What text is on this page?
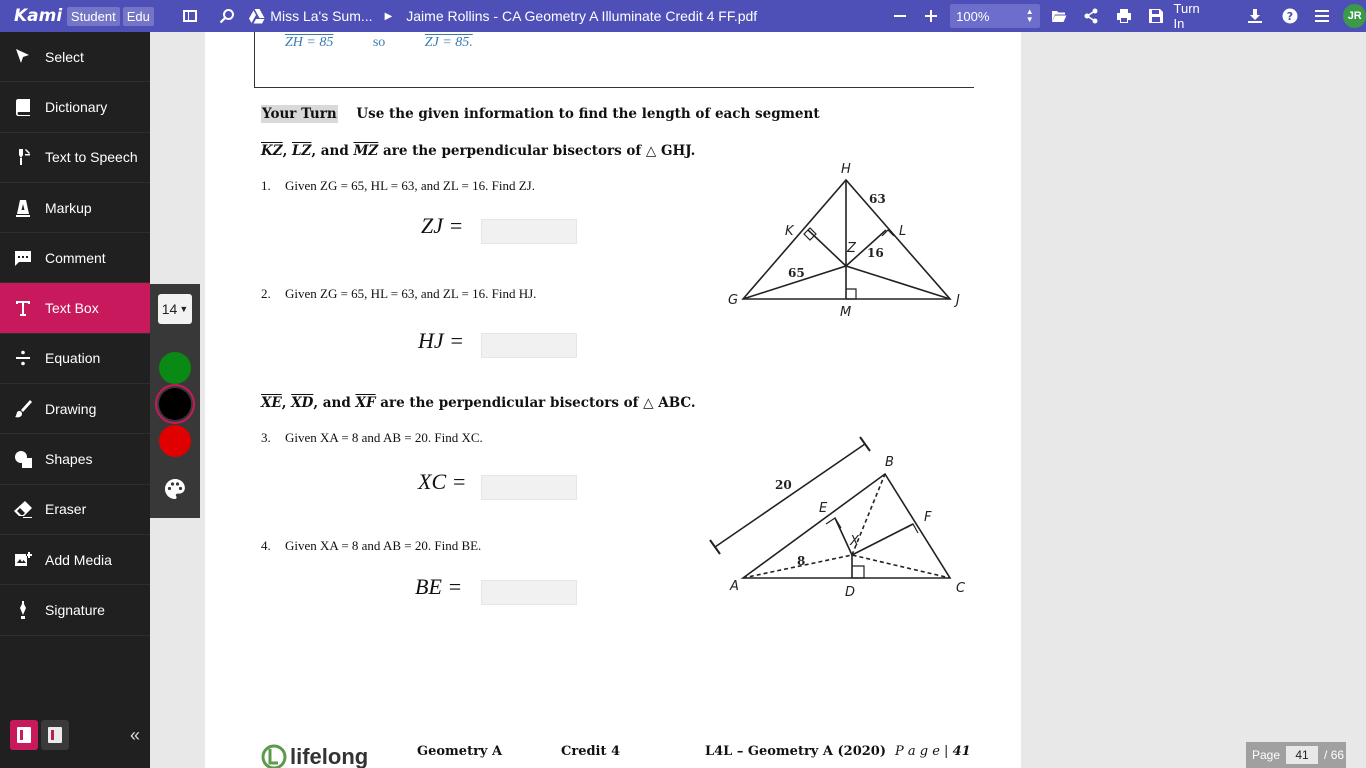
Kami Student Edu	Miss La's Sum... ▶ Jaime Rollins - CA Geometry A Illuminate Credit 4 FF.pdf	100%	▲
▼
Turn In	?	JR
Select
Dictionary
Text to Speech
Markup
Comment
Text Box
Equation
Drawing
Shapes
Eraser
Add Media
Signature
«
14 ▼
ZH = 85	so	ZJ = 85.
Your Turn Use the given information to find the length of each segment
$\overline{KZ}$, $\overline{LZ}$, and $\overline{MZ}$ are the perpendicular bisectors of △ GHJ.
1. Given ZG = 65, HL = 63, and ZL = 16. Find ZJ.
ZJ =
2. Given ZG = 65, HL = 63, and ZL = 16. Find HJ.
HJ =
H
K	L
Z
G	J
M
63
16
65
$\overline{XE}$, $\overline{XD}$, and $\overline{XF}$ are the perpendicular bisectors of △ ABC.
3. Given XA = 8 and AB = 20. Find XC.
XC =
4. Given XA = 8 and AB = 20. Find BE.
BE =
B
E
F
X
A	D	C
20
8
lifelong	Geometry A	Credit 4	L4L – Geometry A (2020) P a g e | 41	Page	41	/ 66
